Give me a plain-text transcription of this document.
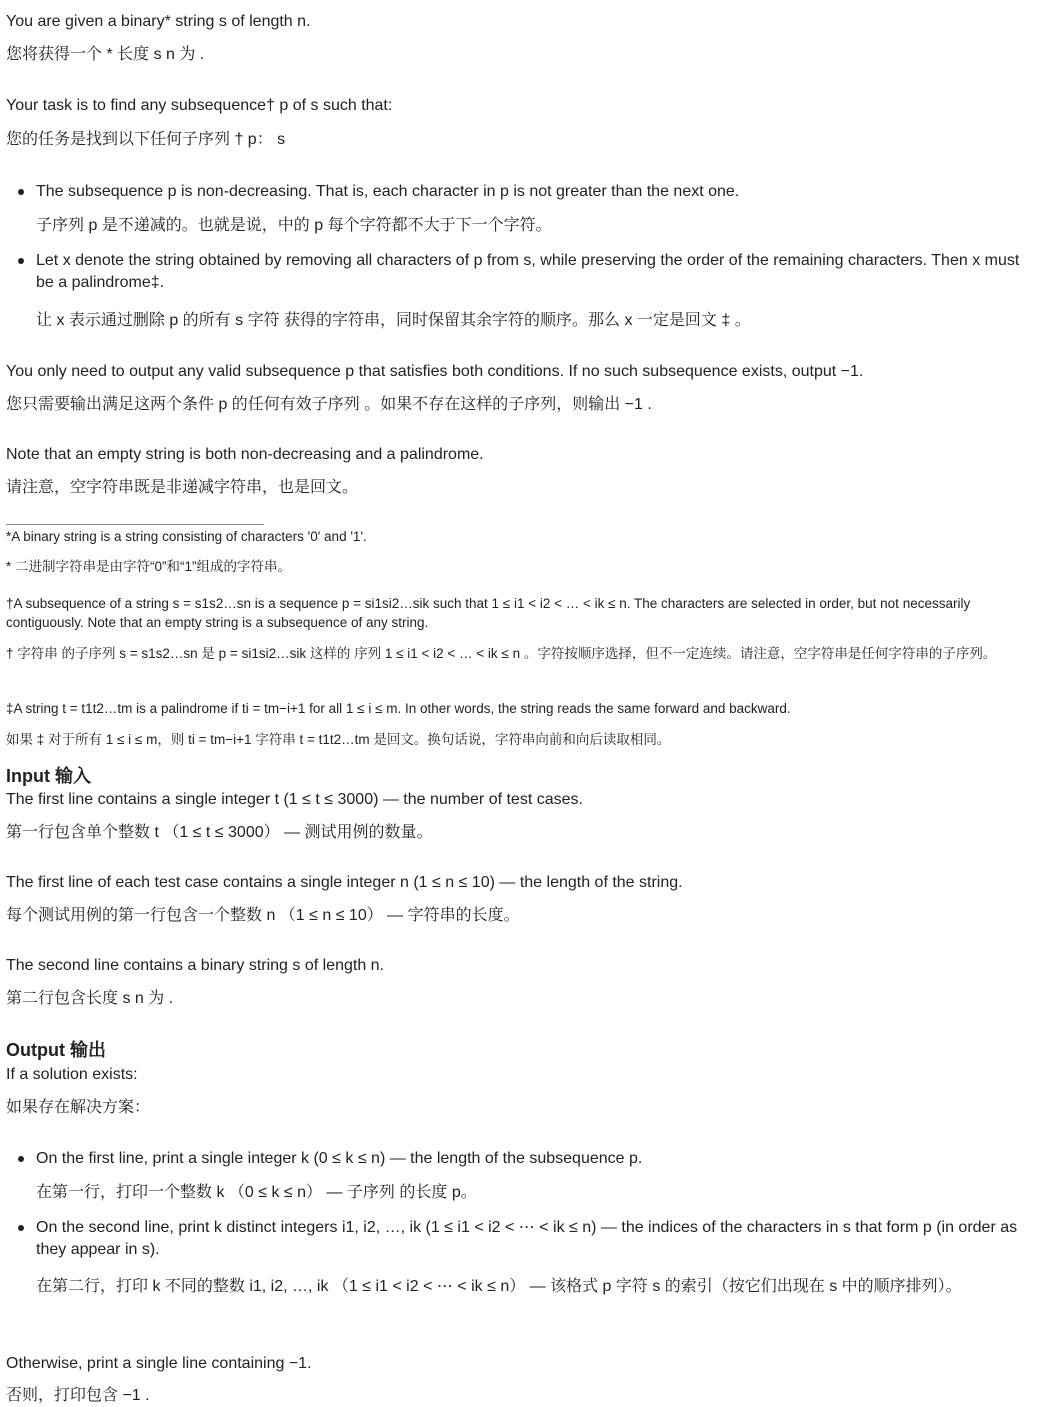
You are given a binary* string s of length n.
您将获得一个 * 长度 s n 为 .
Your task is to find any subsequence† p of s such that:
您的任务是找到以下任何子序列 † p： s
The subsequence p is non-decreasing. That is, each character in p is not greater than the next one.
子序列 p 是不递减的。也就是说，中的 p 每个字符都不大于下一个字符。
Let x denote the string obtained by removing all characters of p from s, while preserving the order of the remaining characters. Then x must be a palindrome‡.
让 x 表示通过删除 p 的所有 s 字符 获得的字符串，同时保留其余字符的顺序。那么 x 一定是回文 ‡ 。
You only need to output any valid subsequence p that satisfies both conditions. If no such subsequence exists, output −1.
您只需要输出满足这两个条件 p 的任何有效子序列 。如果不存在这样的子序列，则输出 −1 .
Note that an empty string is both non-decreasing and a palindrome.
请注意，空字符串既是非递减字符串，也是回文。
*A binary string is a string consisting of characters '0' and '1'.
* 二进制字符串是由字符“0”和“1”组成的字符串。
†A subsequence of a string s = s1s2…sn is a sequence p = si1si2…sik such that 1 ≤ i1 < i2 < … < ik ≤ n. The characters are selected in order, but not necessarily contiguously. Note that an empty string is a subsequence of any string.
† 字符串 的子序列 s = s1s2…sn 是 p = si1si2…sik 这样的 序列 1 ≤ i1 < i2 < … < ik ≤ n 。字符按顺序选择，但不一定连续。请注意，空字符串是任何字符串的子序列。
‡A string t = t1t2…tm is a palindrome if ti = tm−i+1 for all 1 ≤ i ≤ m. In other words, the string reads the same forward and backward.
如果 ‡ 对于所有 1 ≤ i ≤ m，则 ti = tm−i+1 字符串 t = t1t2…tm 是回文。换句话说，字符串向前和向后读取相同。
Input 输入
The first line contains a single integer t (1 ≤ t ≤ 3000) — the number of test cases.
第一行包含单个整数 t （1 ≤ t ≤ 3000） — 测试用例的数量。
The first line of each test case contains a single integer n (1 ≤ n ≤ 10) — the length of the string.
每个测试用例的第一行包含一个整数 n （1 ≤ n ≤ 10） — 字符串的长度。
The second line contains a binary string s of length n.
第二行包含长度 s n 为 .
Output 输出
If a solution exists:
如果存在解决方案：
On the first line, print a single integer k (0 ≤ k ≤ n) — the length of the subsequence p.
在第一行，打印一个整数 k （0 ≤ k ≤ n） — 子序列 的长度 p。
On the second line, print k distinct integers i1, i2, …, ik (1 ≤ i1 < i2 < ⋯ < ik ≤ n) — the indices of the characters in s that form p (in order as they appear in s).
在第二行，打印 k 不同的整数 i1, i2, …, ik （1 ≤ i1 < i2 < ⋯ < ik ≤ n） — 该格式 p 字符 s 的索引（按它们出现在 s 中的顺序排列）。
Otherwise, print a single line containing −1.
否则，打印包含 −1 .
